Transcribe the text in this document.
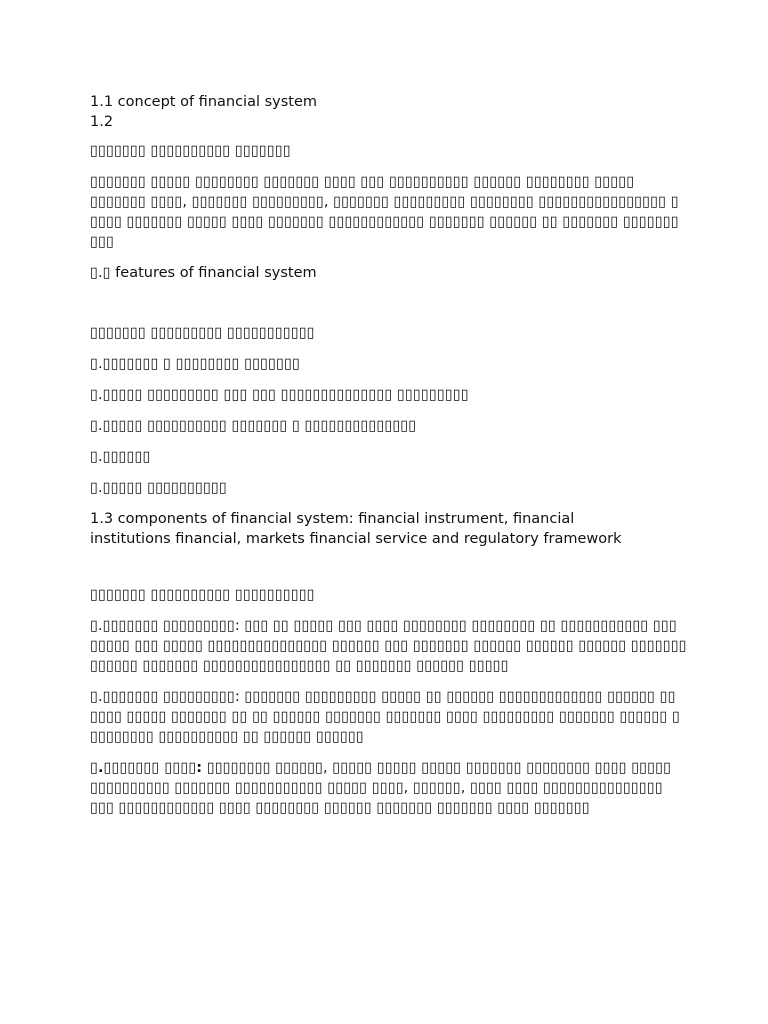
1.1 concept of financial system
1.2
▯▯▯▯▯▯▯ ▯▯▯▯▯▯▯▯▯▯ ▯▯▯▯▯▯▯

▯▯▯▯▯▯▯ ▯▯▯▯▯ ▯▯▯▯▯▯▯▯ ▯▯▯▯▯▯▯ ▯▯▯▯ ▯▯▯ ▯▯▯▯▯▯▯▯▯▯ ▯▯▯▯▯▯ ▯▯▯▯▯▯▯▯ ▯▯▯▯▯ ▯▯▯▯▯▯▯ ▯▯▯▯, ▯▯▯▯▯▯▯ ▯▯▯▯▯▯▯▯▯, ▯▯▯▯▯▯▯ ▯▯▯▯▯▯▯▯▯ ▯▯▯▯▯▯▯▯ ▯▯▯▯▯▯▯▯▯▯▯▯▯▯▯▯ ▯ ▯▯▯▯ ▯▯▯▯▯▯▯ ▯▯▯▯▯ ▯▯▯▯ ▯▯▯▯▯▯▯ ▯▯▯▯▯▯▯▯▯▯▯▯ ▯▯▯▯▯▯▯ ▯▯▯▯▯▯ ▯▯ ▯▯▯▯▯▯▯ ▯▯▯▯▯▯▯ ▯▯▯

▯.▯ features of financial system
▯▯▯▯▯▯▯ ▯▯▯▯▯▯▯▯▯ ▯▯▯▯▯▯▯▯▯▯▯
▯.▯▯▯▯▯▯▯ ▯ ▯▯▯▯▯▯▯▯ ▯▯▯▯▯▯▯
▯.▯▯▯▯▯ ▯▯▯▯▯▯▯▯▯ ▯▯▯ ▯▯▯ ▯▯▯▯▯▯▯▯▯▯▯▯▯▯ ▯▯▯▯▯▯▯▯▯
▯.▯▯▯▯▯ ▯▯▯▯▯▯▯▯▯▯ ▯▯▯▯▯▯▯ ▯ ▯▯▯▯▯▯▯▯▯▯▯▯▯▯
▯.▯▯▯▯▯▯
▯.▯▯▯▯▯ ▯▯▯▯▯▯▯▯▯▯
1.3 components of financial system: financial instrument, financial
institutions financial, markets financial service and regulatory framework
▯▯▯▯▯▯▯ ▯▯▯▯▯▯▯▯▯▯ ▯▯▯▯▯▯▯▯▯▯

▯.▯▯▯▯▯▯▯ ▯▯▯▯▯▯▯▯▯: ▯▯▯ ▯▯ ▯▯▯▯▯ ▯▯▯ ▯▯▯▯ ▯▯▯▯▯▯▯▯ ▯▯▯▯▯▯▯▯ ▯▯ ▯▯▯▯▯▯▯▯▯▯▯ ▯▯▯ ▯▯▯▯▯ ▯▯▯ ▯▯▯▯▯ ▯▯▯▯▯▯▯▯▯▯▯▯▯▯▯ ▯▯▯▯▯▯ ▯▯▯ ▯▯▯▯▯▯▯ ▯▯▯▯▯▯ ▯▯▯▯▯▯ ▯▯▯▯▯▯ ▯▯▯▯▯▯▯ ▯▯▯▯▯▯ ▯▯▯▯▯▯▯ ▯▯▯▯▯▯▯▯▯▯▯▯▯▯▯▯ ▯▯ ▯▯▯▯▯▯▯ ▯▯▯▯▯▯ ▯▯▯▯▯

▯.▯▯▯▯▯▯▯ ▯▯▯▯▯▯▯▯▯: ▯▯▯▯▯▯▯ ▯▯▯▯▯▯▯▯▯ ▯▯▯▯▯ ▯▯ ▯▯▯▯▯▯ ▯▯▯▯▯▯▯▯▯▯▯▯▯ ▯▯▯▯▯▯ ▯▯ ▯▯▯▯ ▯▯▯▯▯ ▯▯▯▯▯▯▯ ▯▯ ▯▯ ▯▯▯▯▯▯ ▯▯▯▯▯▯▯ ▯▯▯▯▯▯▯ ▯▯▯▯ ▯▯▯▯▯▯▯▯▯ ▯▯▯▯▯▯▯ ▯▯▯▯▯▯ ▯ ▯▯▯▯▯▯▯▯ ▯▯▯▯▯▯▯▯▯▯ ▯▯ ▯▯▯▯▯▯ ▯▯▯▯▯▯

▯.▯▯▯▯▯▯▯ ▯▯▯▯: ▯▯▯▯▯▯▯▯ ▯▯▯▯▯▯, ▯▯▯▯▯ ▯▯▯▯▯ ▯▯▯▯▯ ▯▯▯▯▯▯▯ ▯▯▯▯▯▯▯▯ ▯▯▯▯ ▯▯▯▯▯ ▯▯▯▯▯▯▯▯▯▯ ▯▯▯▯▯▯▯ ▯▯▯▯▯▯▯▯▯▯▯ ▯▯▯▯▯ ▯▯▯▯, ▯▯▯▯▯▯, ▯▯▯▯ ▯▯▯▯ ▯▯▯▯▯▯▯▯▯▯▯▯▯▯▯ ▯▯▯ ▯▯▯▯▯▯▯▯▯▯▯▯ ▯▯▯▯ ▯▯▯▯▯▯▯▯ ▯▯▯▯▯▯ ▯▯▯▯▯▯▯ ▯▯▯▯▯▯▯ ▯▯▯▯ ▯▯▯▯▯▯▯
